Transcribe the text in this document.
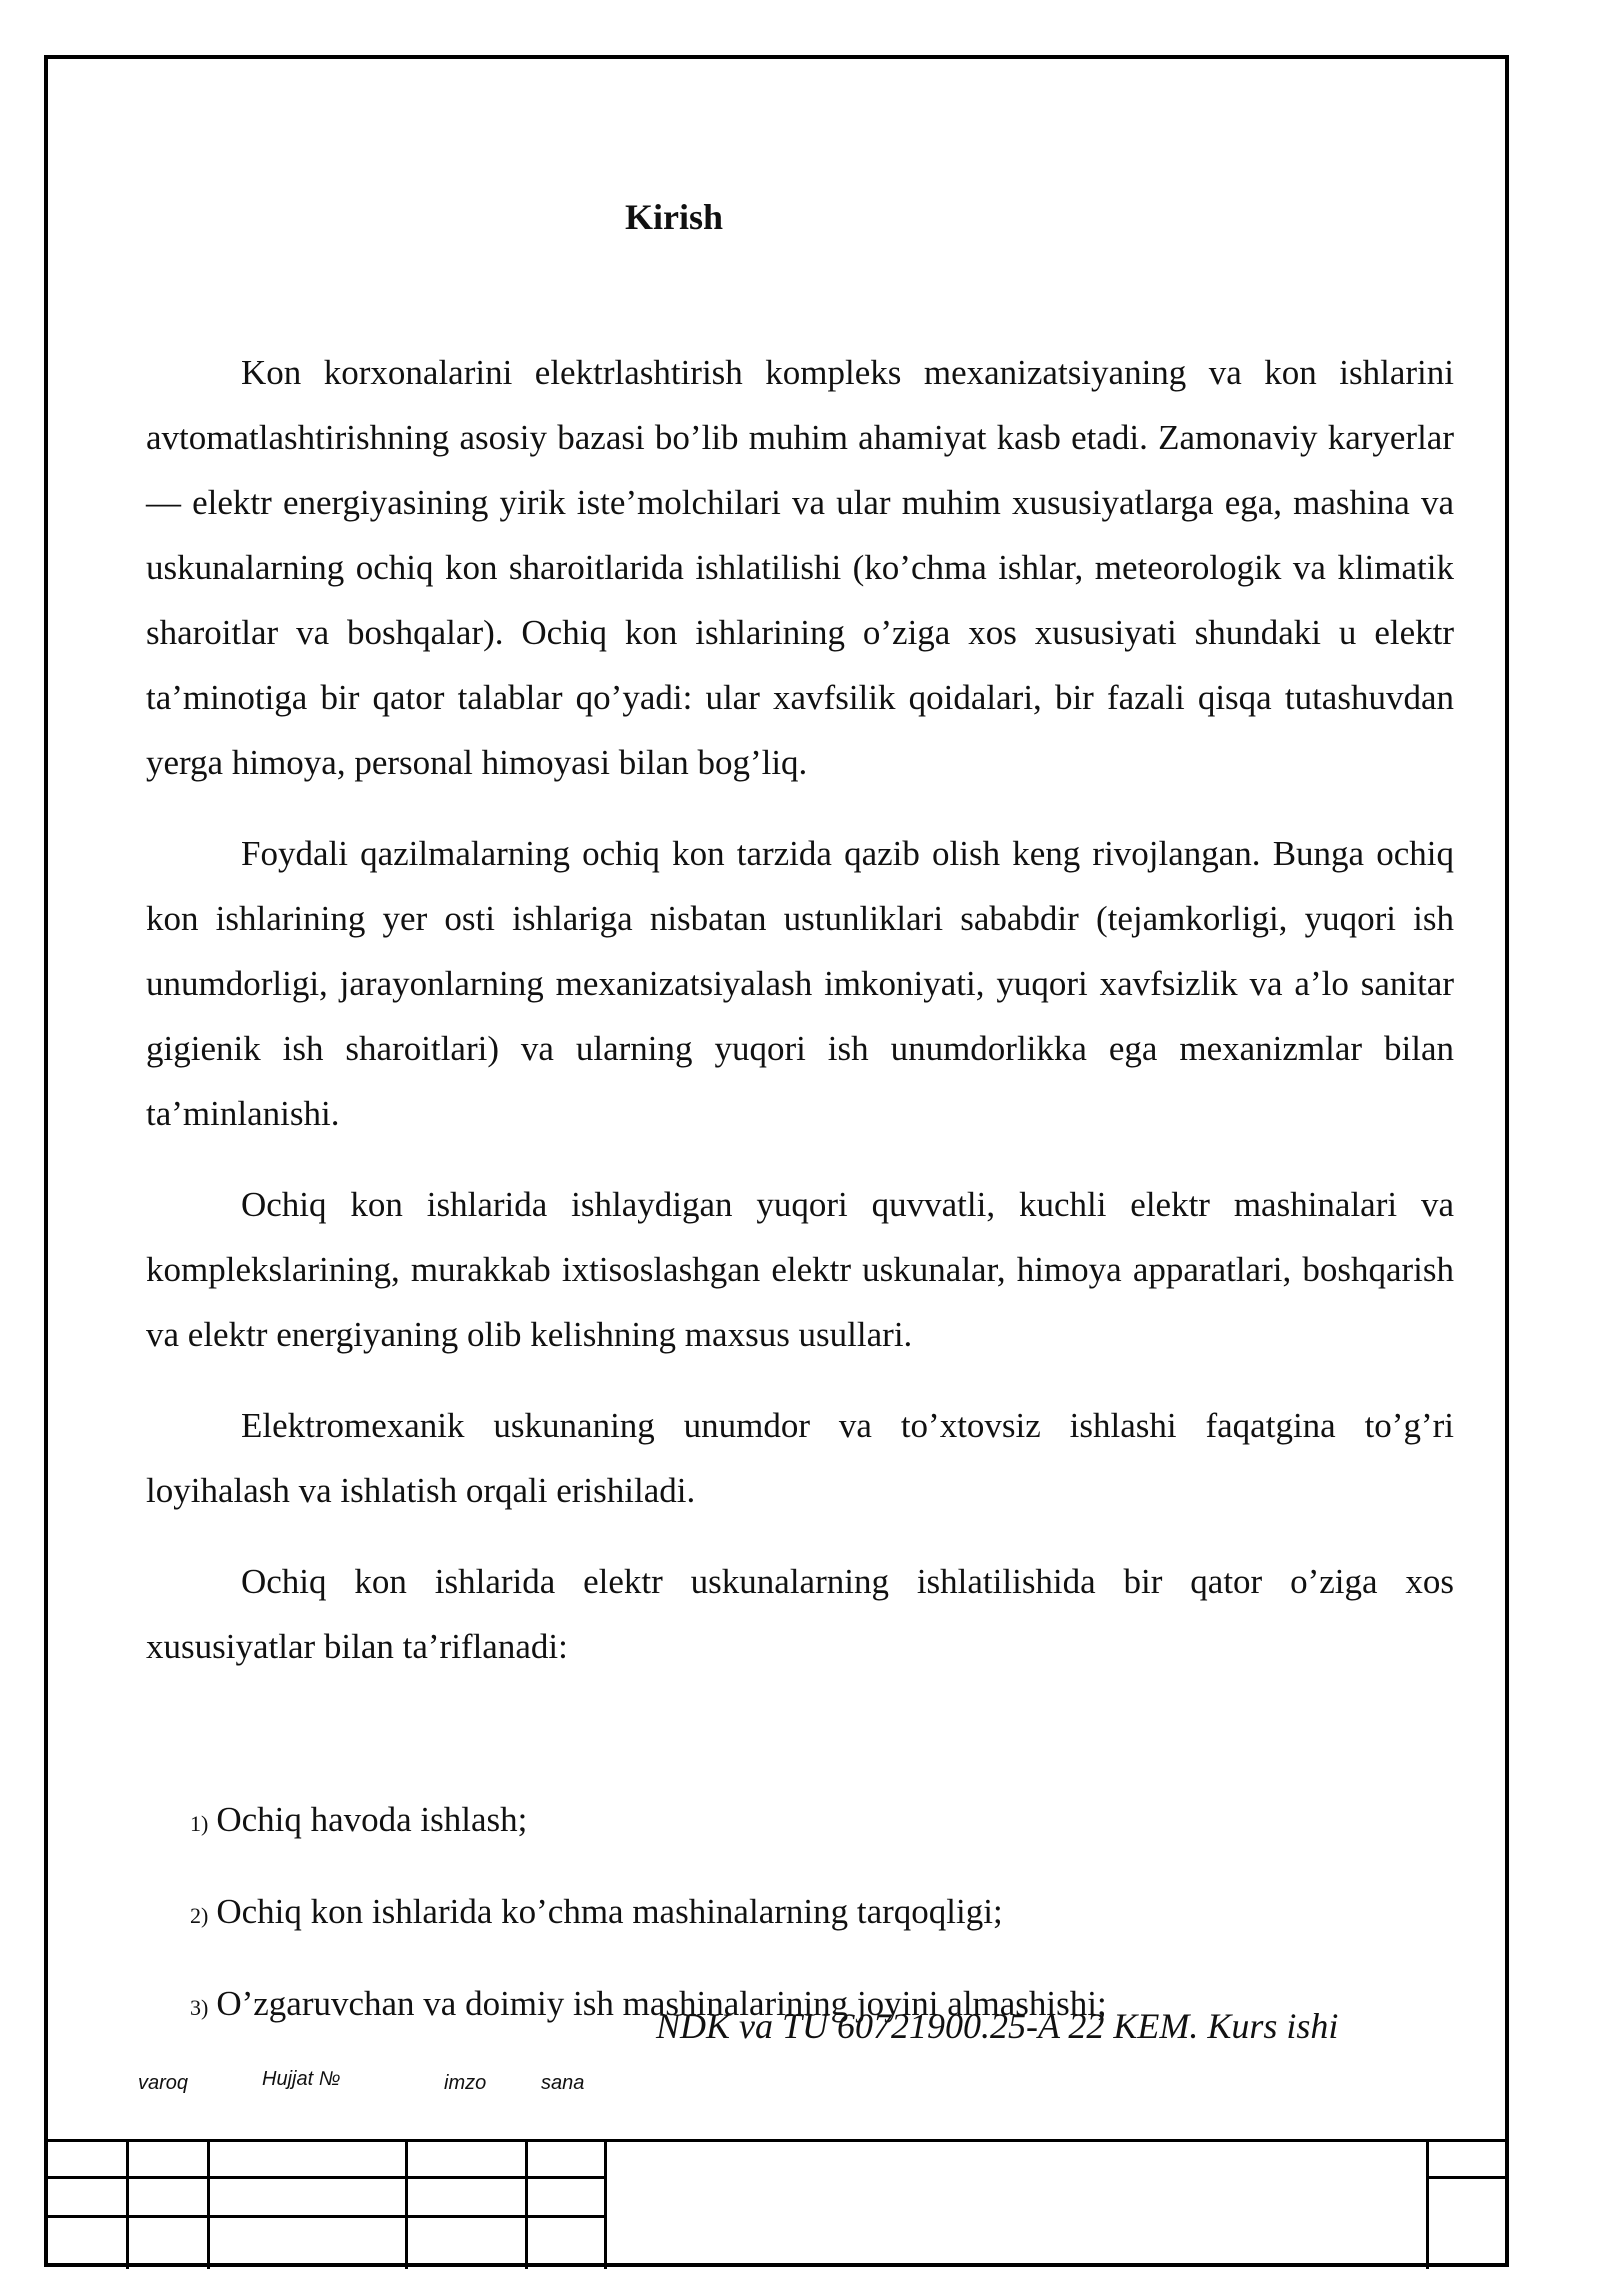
Kirish

Kon korxonalarini elektrlashtirish kompleks mexanizatsiyaning va kon ishlarini avtomatlashtirishning asosiy bazasi bo’lib muhim ahamiyat kasb etadi. Zamonaviy karyerlar — elektr energiyasining yirik iste’molchilari va ular muhim xususiyatlarga ega, mashina va uskunalarning ochiq kon sharoitlarida ishlatilishi (ko’chma ishlar, meteorologik va klimatik sharoitlar va boshqalar). Ochiq kon ishlarining o’ziga xos xususiyati shundaki u elektr ta’minotiga bir qator talablar qo’yadi: ular xavfsilik qoidalari, bir fazali qisqa tutashuvdan yerga himoya, personal himoyasi bilan bog’liq.

Foydali qazilmalarning ochiq kon tarzida qazib olish keng rivojlangan. Bunga ochiq kon ishlarining yer osti ishlariga nisbatan ustunliklari sababdir (tejamkorligi, yuqori ish unumdorligi, jarayonlarning mexanizatsiyalash imkoniyati, yuqori xavfsizlik va a’lo sanitar gigienik ish sharoitlari) va ularning yuqori ish unumdorlikka ega mexanizmlar bilan ta’minlanishi.

Ochiq kon ishlarida ishlaydigan yuqori quvvatli, kuchli elektr mashinalari va komplekslarining, murakkab ixtisoslashgan elektr uskunalar, himoya apparatlari, boshqarish va elektr energiyaning olib kelishning maxsus usullari.

Elektromexanik uskunaning unumdor va to’xtovsiz ishlashi faqatgina to’g’ri loyihalash va ishlatish orqali erishiladi.

Ochiq kon ishlarida elektr uskunalarning ishlatilishida bir qator o’ziga xos xususiyatlar bilan ta’riflanadi:

1) Ochiq havoda ishlash;
2) Ochiq kon ishlarida ko’chma mashinalarning tarqoqligi;
3) O’zgaruvchan va doimiy ish mashinalarining joyini almashishi;
NDK va TU 60721900.25-A 22 KEM. Kurs ishi
varoq	Hujjat №	imzo	sana
